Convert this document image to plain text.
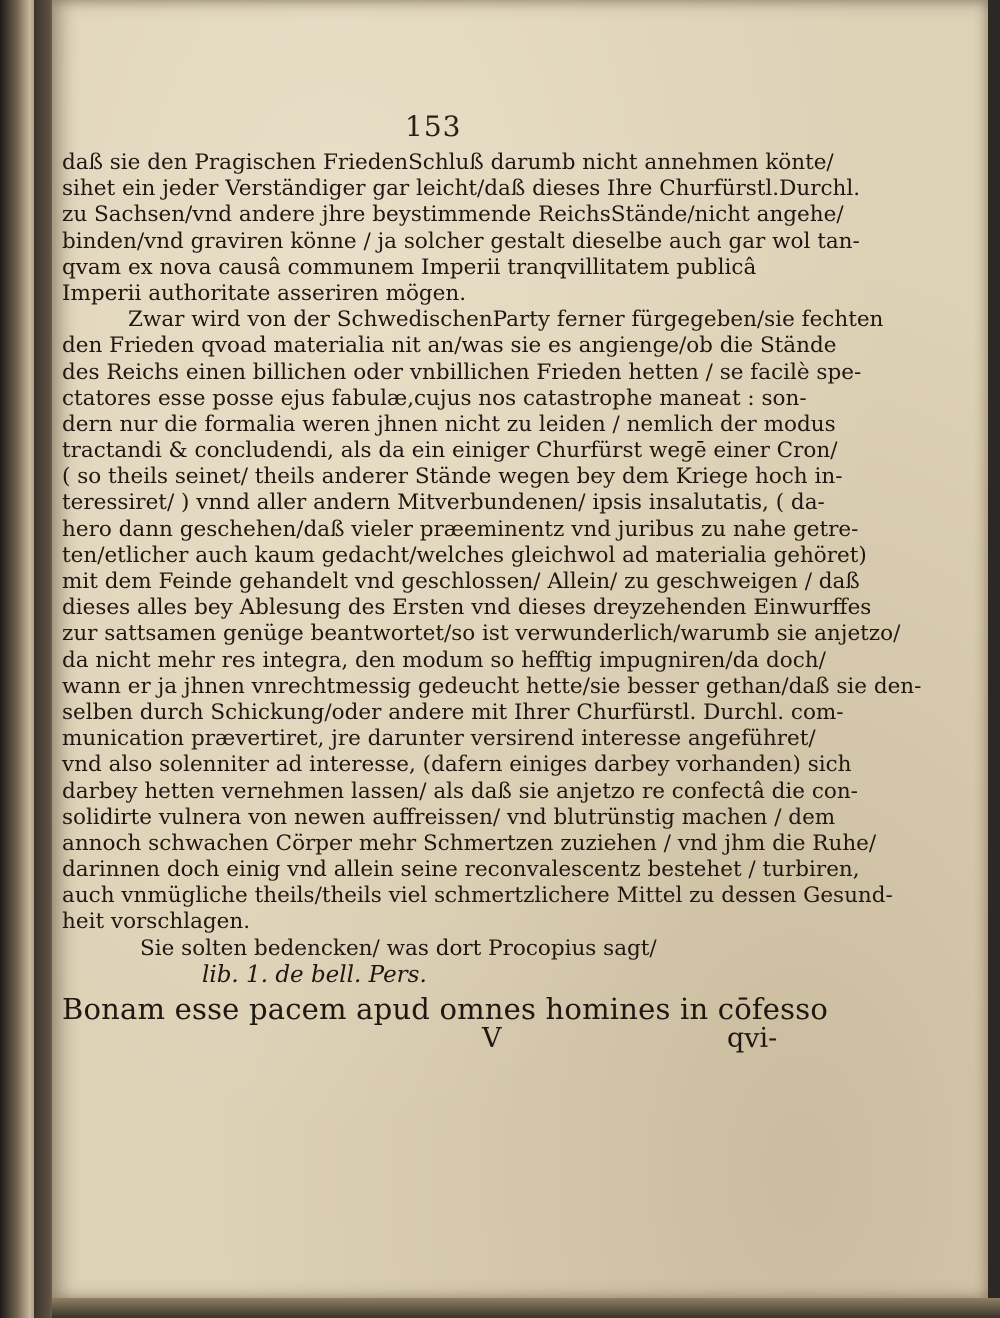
153
daß sie den Pragischen FriedenSchluß darumb nicht annehmen könte/
sihet ein jeder Verständiger gar leicht/daß dieses Ihre Churfürstl.Durchl.
zu Sachsen/vnd andere jhre beystimmende ReichsStände/nicht angehe/
binden/vnd graviren könne / ja solcher gestalt dieselbe auch gar wol tan-
qvam ex nova causâ communem Imperii tranqvillitatem publicâ
Imperii authoritate asseriren mögen.
Zwar wird von der SchwedischenParty ferner fürgegeben/sie fechten
den Frieden qvoad materialia nit an/was sie es angienge/ob die Stände
des Reichs einen billichen oder vnbillichen Frieden hetten / se facilè spe-
ctatores esse posse ejus fabulæ,cujus nos catastrophe maneat : son-
dern nur die formalia weren jhnen nicht zu leiden / nemlich der modus
tractandi & concludendi, als da ein einiger Churfürst wegē einer Cron/
( so theils seinet/ theils anderer Stände wegen bey dem Kriege hoch in-
teressiret/ ) vnnd aller andern Mitverbundenen/ ipsis insalutatis, ( da-
hero dann geschehen/daß vieler præeminentz vnd juribus zu nahe getre-
ten/etlicher auch kaum gedacht/welches gleichwol ad materialia gehöret)
mit dem Feinde gehandelt vnd geschlossen/ Allein/ zu geschweigen / daß
dieses alles bey Ablesung des Ersten vnd dieses dreyzehenden Einwurffes
zur sattsamen genüge beantwortet/so ist verwunderlich/warumb sie anjetzo/
da nicht mehr res integra, den modum so hefftig impugniren/da doch/
wann er ja jhnen vnrechtmessig gedeucht hette/sie besser gethan/daß sie den-
selben durch Schickung/oder andere mit Ihrer Churfürstl. Durchl. com-
munication prævertiret, jre darunter versirend interesse angeführet/
vnd also solenniter ad interesse, (dafern einiges darbey vorhanden) sich
darbey hetten vernehmen lassen/ als daß sie anjetzo re confectâ die con-
solidirte vulnera von newen auffreissen/ vnd blutrünstig machen / dem
annoch schwachen Cörper mehr Schmertzen zuziehen / vnd jhm die Ruhe/
darinnen doch einig vnd allein seine reconvalescentz bestehet / turbiren,
auch vnmügliche theils/theils viel schmertzlichere Mittel zu dessen Gesund-
heit vorschlagen.
Sie solten bedencken/ was dort Procopius sagt/
lib. 1. de bell. Pers.
Bonam esse pacem apud omnes homines in cōfesso
V	qvi-
